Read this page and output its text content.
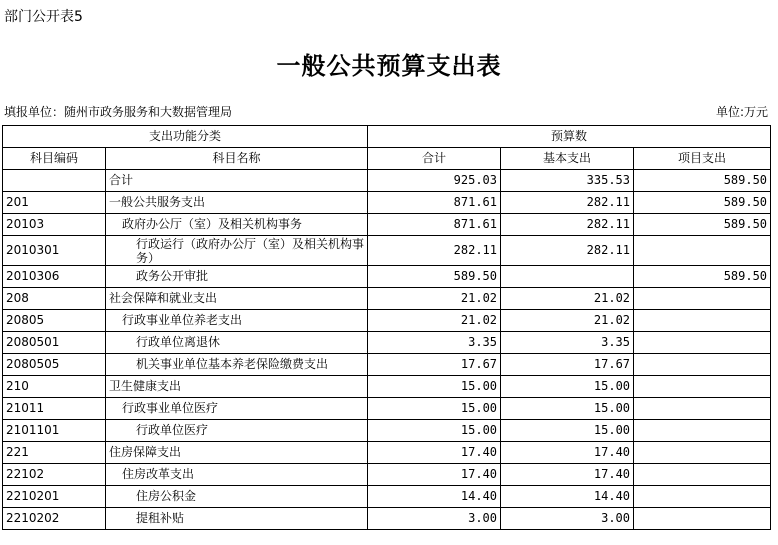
部门公开表5
一般公共预算支出表
填报单位：随州市政务服务和大数据管理局	单位:万元
支出功能分类		预算数		
科目编码	科目名称	合计	基本支出	项目支出
	合计	925.03	335.53	589.50
201	一般公共服务支出	871.61	282.11	589.50
20103	政府办公厅（室）及相关机构事务	871.61	282.11	589.50
2010301	行政运行（政府办公厅（室）及相关机构事务）	282.11	282.11	
2010306	政务公开审批	589.50		589.50
208	社会保障和就业支出	21.02	21.02	
20805	行政事业单位养老支出	21.02	21.02	
2080501	行政单位离退休	3.35	3.35	
2080505	机关事业单位基本养老保险缴费支出	17.67	17.67	
210	卫生健康支出	15.00	15.00	
21011	行政事业单位医疗	15.00	15.00	
2101101	行政单位医疗	15.00	15.00	
221	住房保障支出	17.40	17.40	
22102	住房改革支出	17.40	17.40	
2210201	住房公积金	14.40	14.40	
2210202	提租补贴	3.00	3.00	
